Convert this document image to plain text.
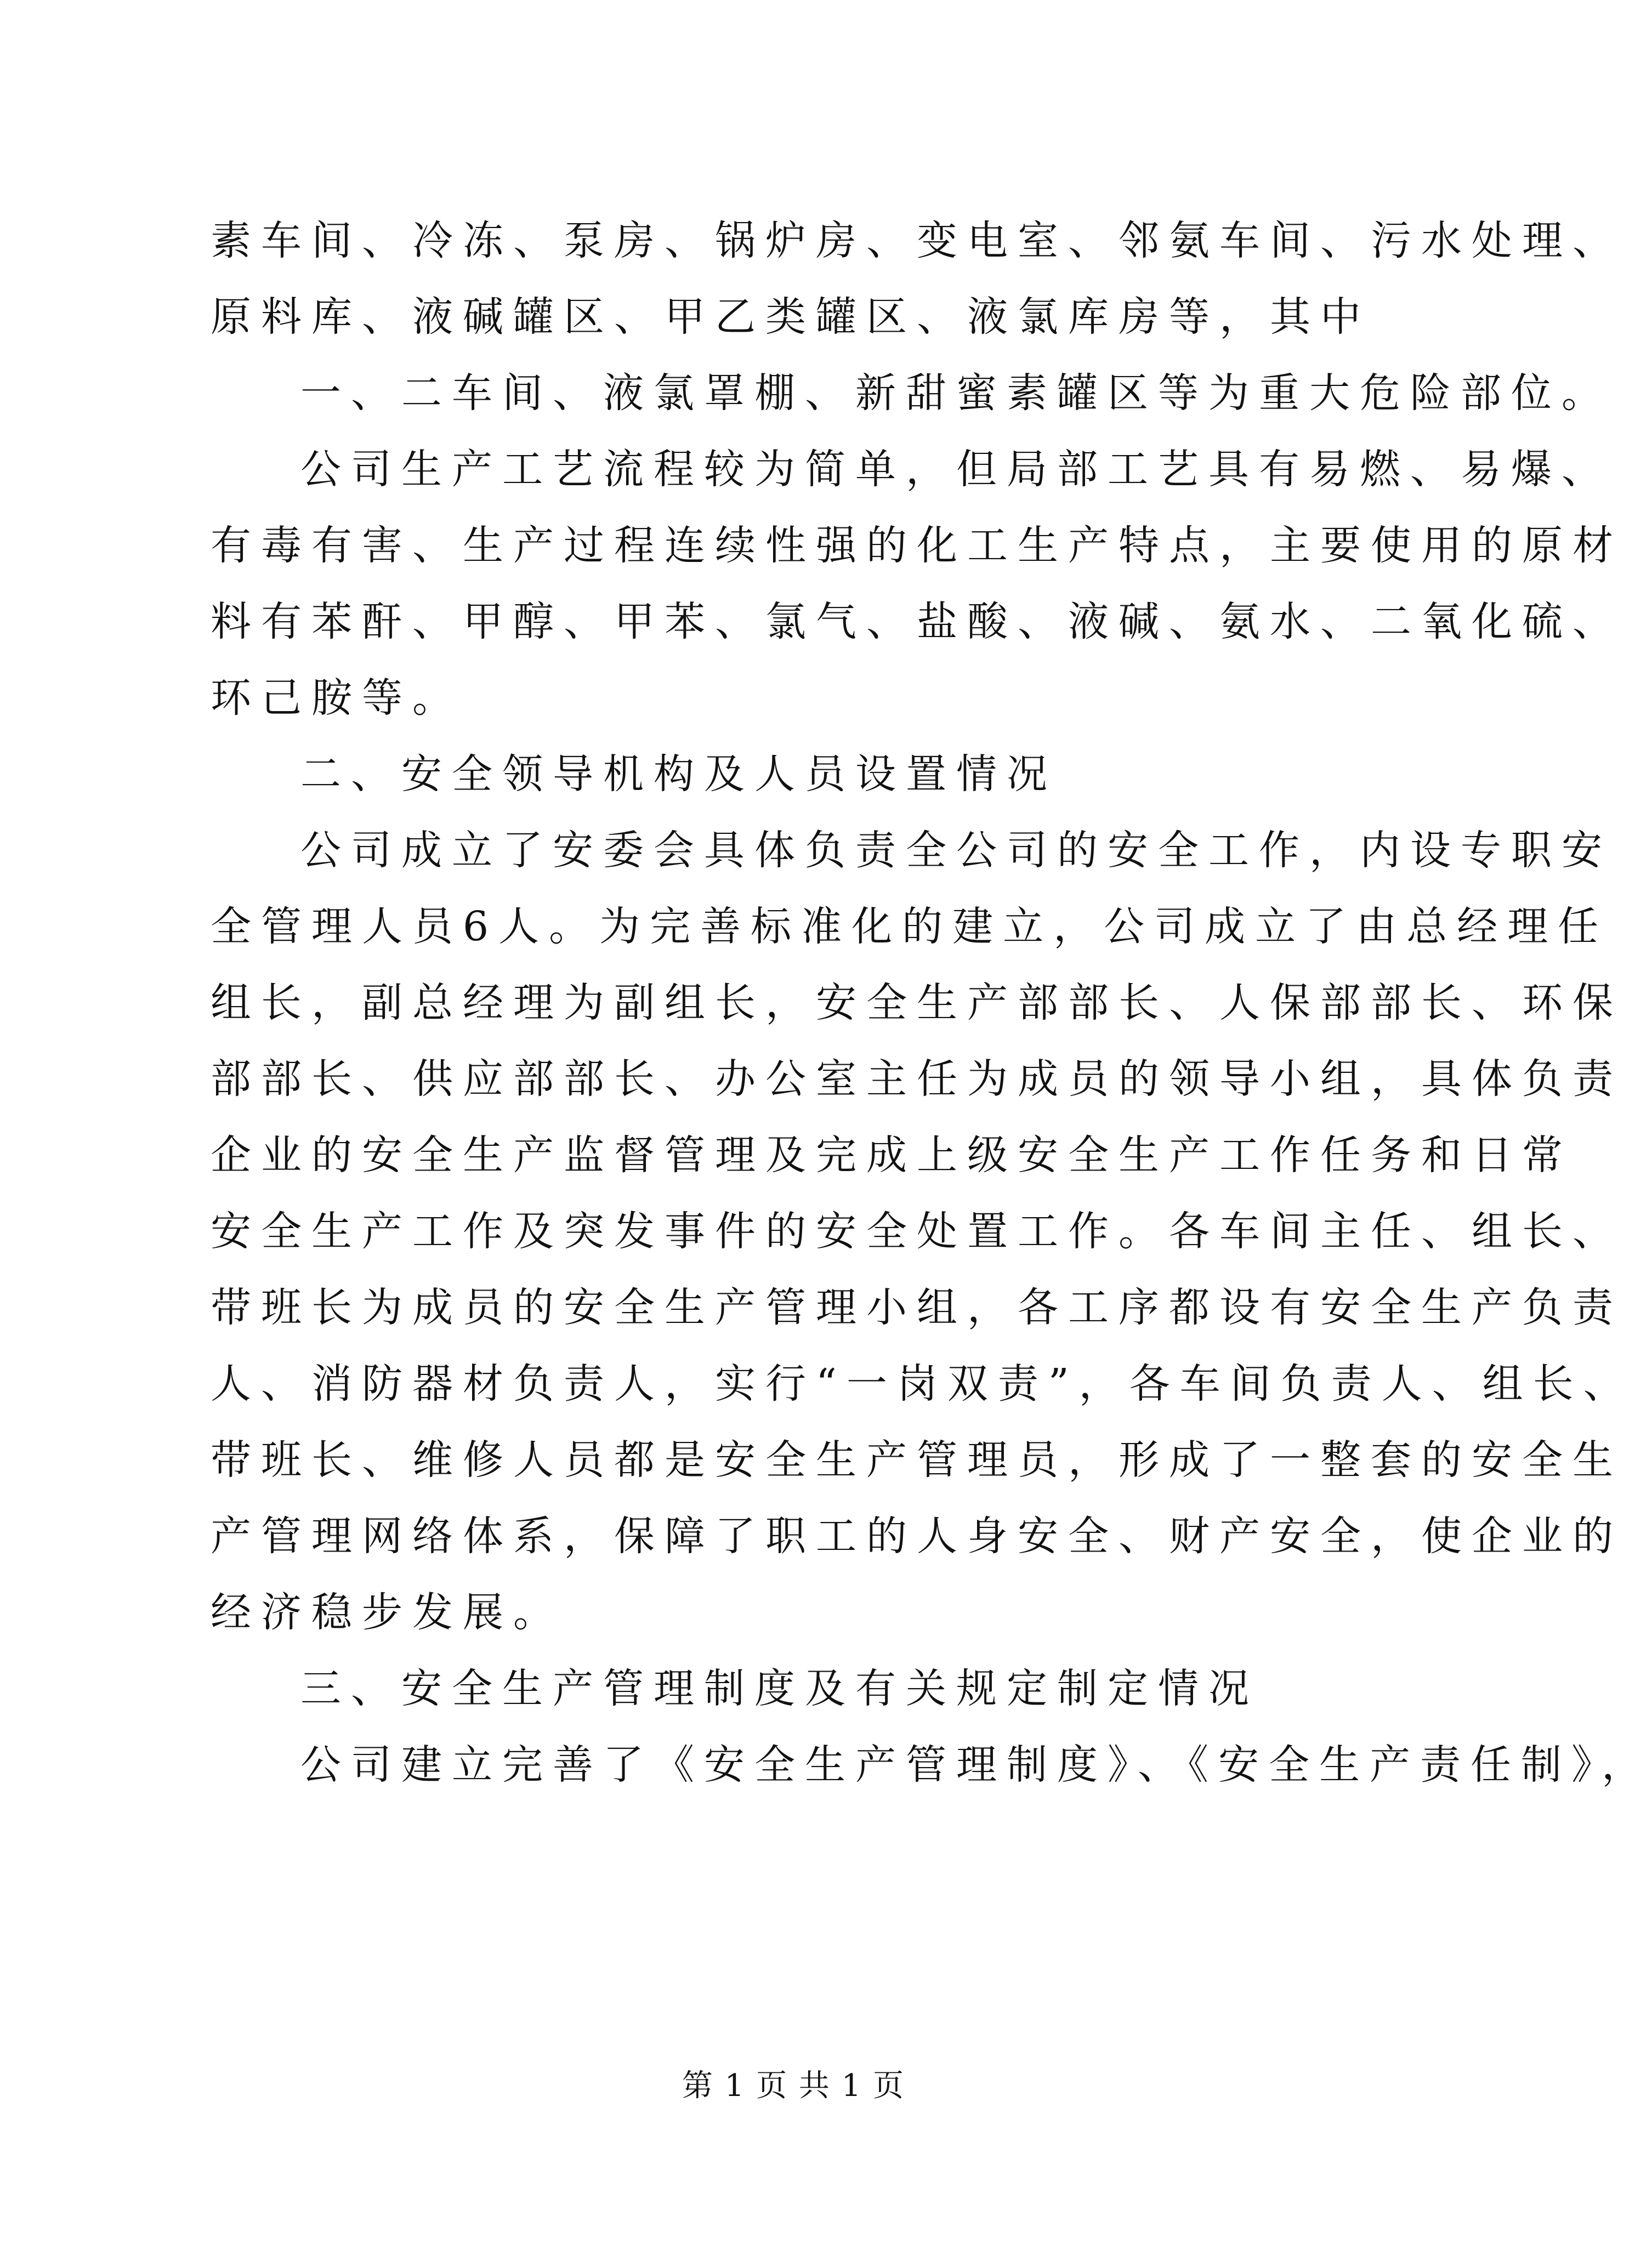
素车间、冷冻、泵房、锅炉房、变电室、邻氨车间、污水处理、
原料库、液碱罐区、甲乙类罐区、液氯库房等，其中
一、二车间、液氯罩棚、新甜蜜素罐区等为重大危险部位。
公司生产工艺流程较为简单，但局部工艺具有易燃、易爆、
有毒有害、生产过程连续性强的化工生产特点，主要使用的原材
料有苯酐、甲醇、甲苯、氯气、盐酸、液碱、氨水、二氧化硫、
环己胺等。
二、安全领导机构及人员设置情况
公司成立了安委会具体负责全公司的安全工作，内设专职安
全管理人员6人。为完善标准化的建立，公司成立了由总经理任
组长，副总经理为副组长，安全生产部部长、人保部部长、环保
部部长、供应部部长、办公室主任为成员的领导小组，具体负责
企业的安全生产监督管理及完成上级安全生产工作任务和日常
安全生产工作及突发事件的安全处置工作。各车间主任、组长、
带班长为成员的安全生产管理小组，各工序都设有安全生产负责
人、消防器材负责人，实行“一岗双责”，各车间负责人、组长、
带班长、维修人员都是安全生产管理员，形成了一整套的安全生
产管理网络体系，保障了职工的人身安全、财产安全，使企业的
经济稳步发展。
三、安全生产管理制度及有关规定制定情况
公司建立完善了《安全生产管理制度》、《安全生产责任制》，
第 1 页 共 1 页
